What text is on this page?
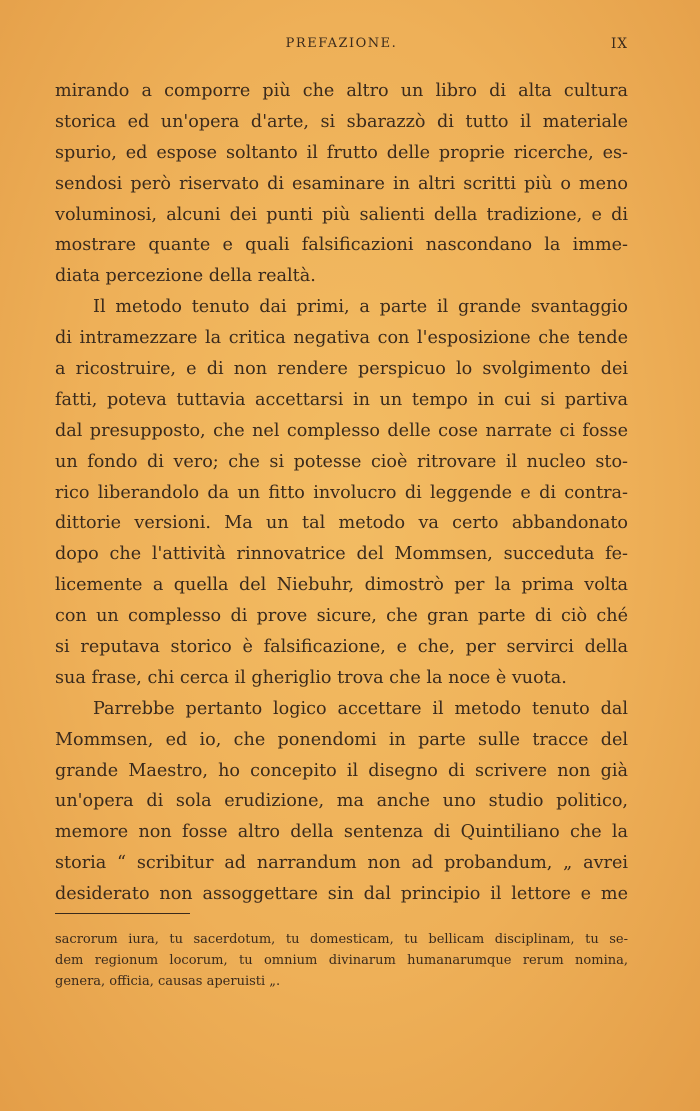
PREFAZIONE.	IX
mirando a comporre più che altro un libro di alta cultura
storica ed un'opera d'arte, si sbarazzò di tutto il materiale
spurio, ed espose soltanto il frutto delle proprie ricerche, es-
sendosi però riservato di esaminare in altri scritti più o meno
voluminosi, alcuni dei punti più salienti della tradizione, e di
mostrare quante e quali falsificazioni nascondano la imme-
diata percezione della realtà.
Il metodo tenuto dai primi, a parte il grande svantaggio
di intramezzare la critica negativa con l'esposizione che tende
a ricostruire, e di non rendere perspicuo lo svolgimento dei
fatti, poteva tuttavia accettarsi in un tempo in cui si partiva
dal presupposto, che nel complesso delle cose narrate ci fosse
un fondo di vero; che si potesse cioè ritrovare il nucleo sto-
rico liberandolo da un fitto involucro di leggende e di contra-
dittorie versioni. Ma un tal metodo va certo abbandonato
dopo che l'attività rinnovatrice del Mommsen, succeduta fe-
licemente a quella del Niebuhr, dimostrò per la prima volta
con un complesso di prove sicure, che gran parte di ciò ché
si reputava storico è falsificazione, e che, per servirci della
sua frase, chi cerca il gheriglio trova che la noce è vuota.
Parrebbe pertanto logico accettare il metodo tenuto dal
Mommsen, ed io, che ponendomi in parte sulle tracce del
grande Maestro, ho concepito il disegno di scrivere non già
un'opera di sola erudizione, ma anche uno studio politico,
memore non fosse altro della sentenza di Quintiliano che la
storia “ scribitur ad narrandum non ad probandum, „ avrei
desiderato non assoggettare sin dal principio il lettore e me
sacrorum iura, tu sacerdotum, tu domesticam, tu bellicam disciplinam, tu se-
dem regionum locorum, tu omnium divinarum humanarumque rerum nomina,
genera, officia, causas aperuisti „.
